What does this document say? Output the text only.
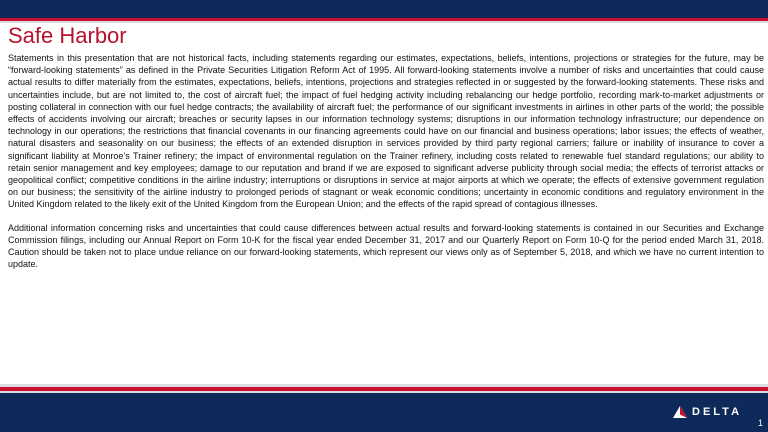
Safe Harbor

Statements in this presentation that are not historical facts, including statements regarding our estimates, expectations, beliefs, intentions, projections or strategies for the future, may be “forward-looking statements” as defined in the Private Securities Litigation Reform Act of 1995. All forward-looking statements involve a number of risks and uncertainties that could cause actual results to differ materially from the estimates, expectations, beliefs, intentions, projections and strategies reflected in or suggested by the forward-looking statements. These risks and uncertainties include, but are not limited to, the cost of aircraft fuel; the impact of fuel hedging activity including rebalancing our hedge portfolio, recording mark-to-market adjustments or posting collateral in connection with our fuel hedge contracts; the availability of aircraft fuel; the performance of our significant investments in airlines in other parts of the world; the possible effects of accidents involving our aircraft; breaches or security lapses in our information technology systems; disruptions in our information technology infrastructure; our dependence on technology in our operations; the restrictions that financial covenants in our financing agreements could have on our financial and business operations; labor issues; the effects of weather, natural disasters and seasonality on our business; the effects of an extended disruption in services provided by third party regional carriers; failure or inability of insurance to cover a significant liability at Monroe’s Trainer refinery; the impact of environmental regulation on the Trainer refinery, including costs related to renewable fuel standard regulations; our ability to retain senior management and key employees; damage to our reputation and brand if we are exposed to significant adverse publicity through social media; the effects of terrorist attacks or geopolitical conflict; competitive conditions in the airline industry; interruptions or disruptions in service at major airports at which we operate; the effects of extensive government regulation on our business; the sensitivity of the airline industry to prolonged periods of stagnant or weak economic conditions; uncertainty in economic conditions and regulatory environment in the United Kingdom related to the likely exit of the United Kingdom from the European Union; and the effects of the rapid spread of contagious illnesses.

Additional information concerning risks and uncertainties that could cause differences between actual results and forward-looking statements is contained in our Securities and Exchange Commission filings, including our Annual Report on Form 10-K for the fiscal year ended December 31, 2017 and our Quarterly Report on Form 10-Q for the period ended March 31, 2018. Caution should be taken not to place undue reliance on our forward-looking statements, which represent our views only as of September 5, 2018, and which we have no current intention to update.

DELTA
1
